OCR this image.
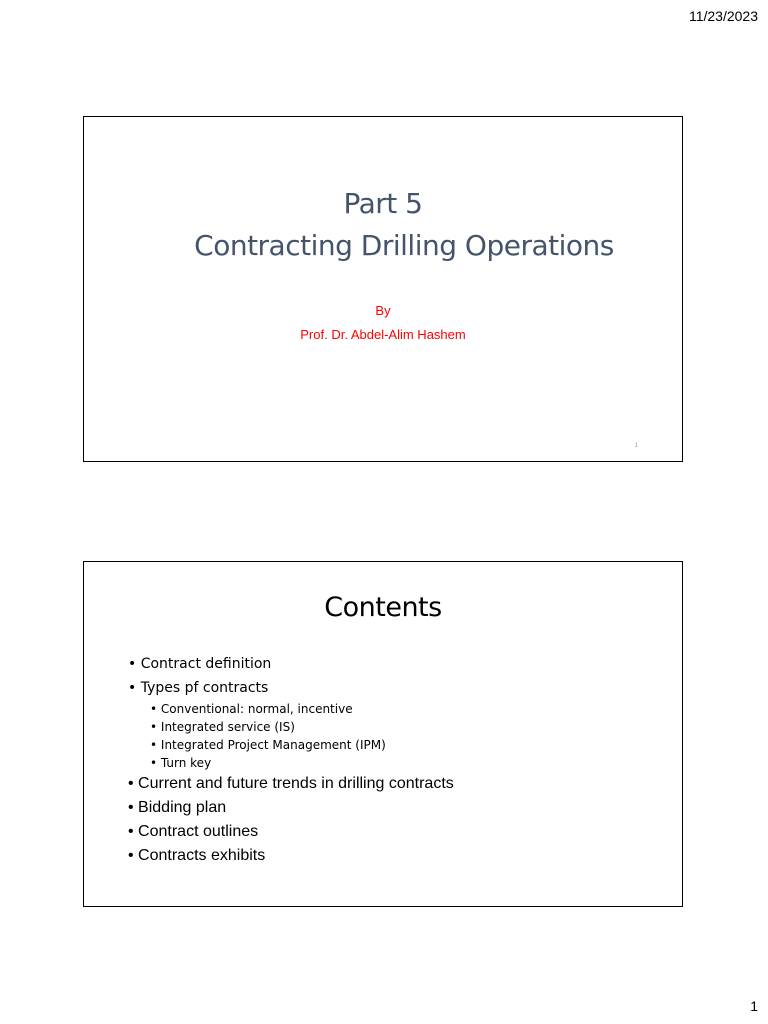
11/23/2023
Part 5
Contracting Drilling Operations
By
Prof. Dr. Abdel-Alim Hashem
1
Contents
• Contract definition
• Types pf contracts
• Conventional: normal, incentive
• Integrated service (IS)
• Integrated Project Management (IPM)
• Turn key
• Current and future trends in drilling contracts
• Bidding plan
• Contract outlines
• Contracts exhibits
1
